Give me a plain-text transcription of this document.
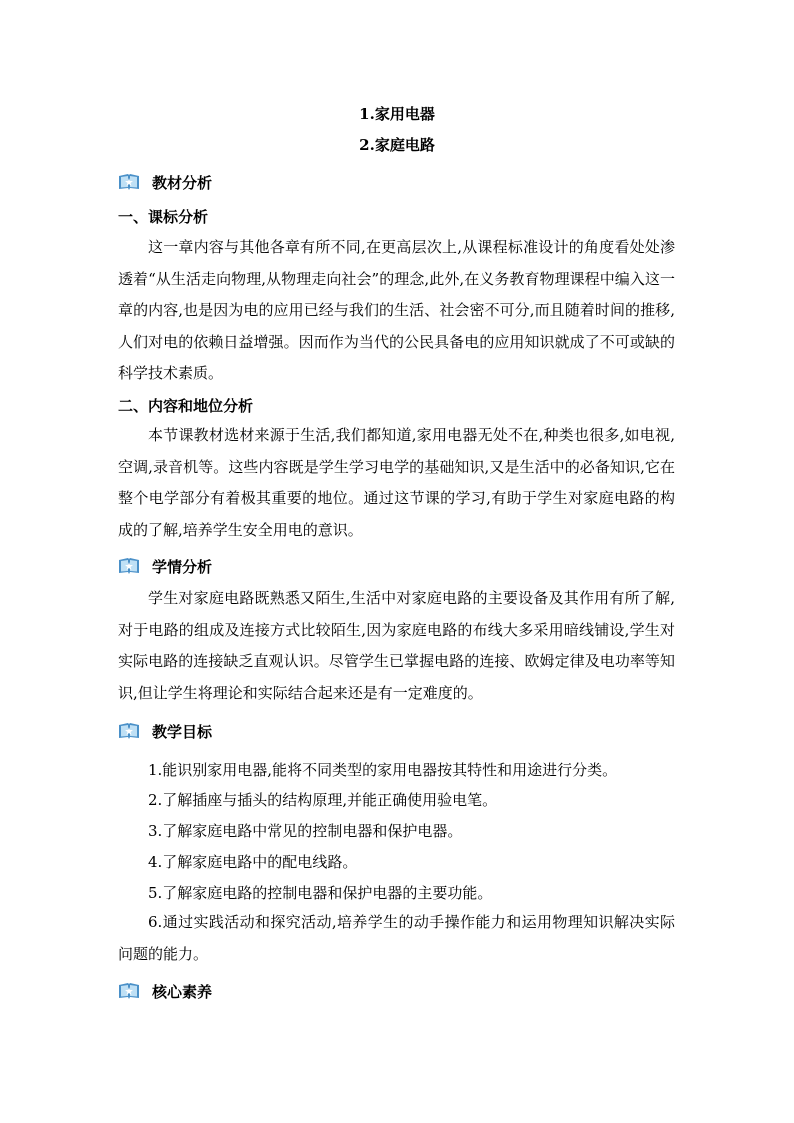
1.家用电器
2.家庭电路
教材分析
一、课标分析

这一章内容与其他各章有所不同,在更高层次上,从课程标准设计的角度看处处渗透着“从生活走向物理,从物理走向社会”的理念,此外,在义务教育物理课程中编入这一章的内容,也是因为电的应用已经与我们的生活、社会密不可分,而且随着时间的推移,人们对电的依赖日益增强。因而作为当代的公民具备电的应用知识就成了不可或缺的科学技术素质。

二、内容和地位分析

本节课教材选材来源于生活,我们都知道,家用电器无处不在,种类也很多,如电视,空调,录音机等。这些内容既是学生学习电学的基础知识,又是生活中的必备知识,它在整个电学部分有着极其重要的地位。通过这节课的学习,有助于学生对家庭电路的构成的了解,培养学生安全用电的意识。

学情分析

学生对家庭电路既熟悉又陌生,生活中对家庭电路的主要设备及其作用有所了解,对于电路的组成及连接方式比较陌生,因为家庭电路的布线大多采用暗线铺设,学生对实际电路的连接缺乏直观认识。尽管学生已掌握电路的连接、欧姆定律及电功率等知识,但让学生将理论和实际结合起来还是有一定难度的。

教学目标
1.能识别家用电器,能将不同类型的家用电器按其特性和用途进行分类。
2.了解插座与插头的结构原理,并能正确使用验电笔。
3.了解家庭电路中常见的控制电器和保护电器。
4.了解家庭电路中的配电线路。
5.了解家庭电路的控制电器和保护电器的主要功能。

6.通过实践活动和探究活动,培养学生的动手操作能力和运用物理知识解决实际问题的能力。

核心素养
